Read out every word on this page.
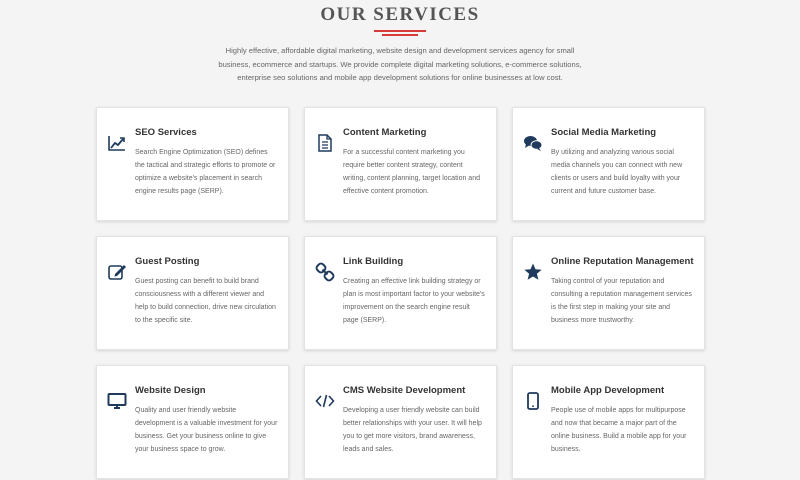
OUR SERVICES
Highly effective, affordable digital marketing, website design and development services agency for small business, ecommerce and startups. We provide complete digital marketing solutions, e-commerce solutions, enterprise seo solutions and mobile app development solutions for online businesses at low cost.
SEO Services

Search Engine Optimization (SEO) defines the tactical and strategic efforts to promote or optimize a website's placement in search engine results page (SERP).

Content Marketing

For a successful content marketing you require better content strategy, content writing, content planning, target location and effective content promotion.

Social Media Marketing

By utilizing and analyzing various social media channels you can connect with new clients or users and build loyalty with your current and future customer base.

Guest Posting

Guest posting can benefit to build brand consciousness with a different viewer and help to build connection, drive new circulation to the specific site.

Link Building

Creating an effective link building strategy or plan is most important factor to your website's improvement on the search engine result page (SERP).

Online Reputation Management

Taking control of your reputation and consulting a reputation management services is the first step in making your site and business more trustworthy.

Website Design

Quality and user friendly website development is a valuable investment for your business. Get your business online to give your business space to grow.

CMS Website Development

Developing a user friendly website can build better relationships with your user. It will help you to get more visitors, brand awareness, leads and sales.

Mobile App Development

People use of mobile apps for multipurpose and now that became a major part of the online business. Build a mobile app for your business.
